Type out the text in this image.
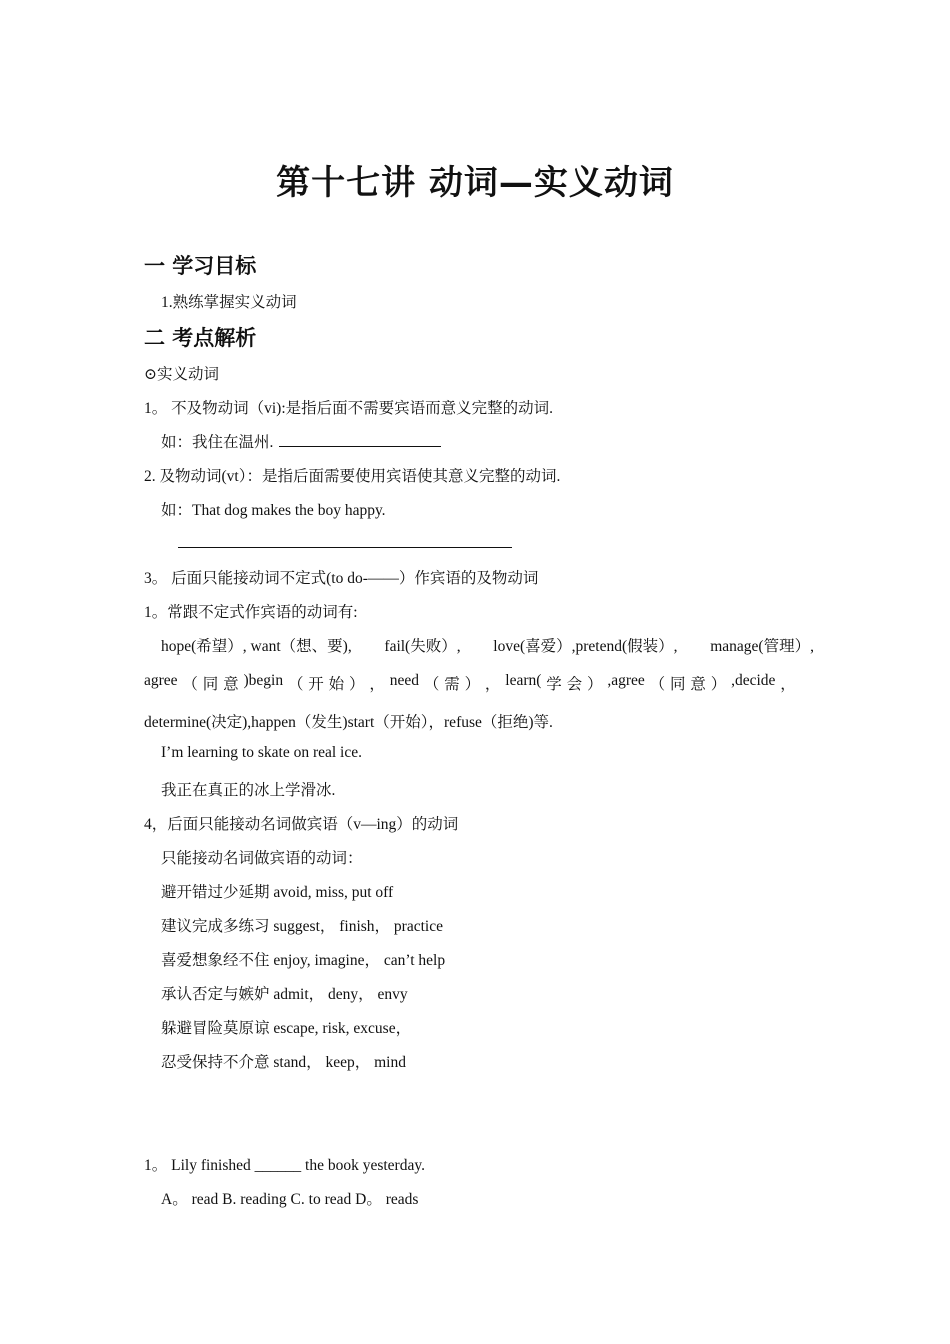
第十七讲 动词—实义动词
一 学习目标

1.熟练掌握实义动词

二 考点解析

⊙实义动词

1。 不及物动词（vi):是指后面不需要宾语而意义完整的动词.

如：我住在温州.

2. 及物动词(vt）：是指后面需要使用宾语使其意义完整的动词.

如：That dog makes the boy happy.

3。 后面只能接动词不定式(to do-——）作宾语的及物动词

1。常跟不定式作宾语的动词有:

hope(希望）, want（想、要), fail(失败）, love(喜爱）,pretend(假装）, manage(管理）,

agree （ 同 意 )begin （ 开 始 ） ， need （ 需 ） ， learn( 学 会 ） ,agree （ 同 意 ） ,decide ，

determine(决定),happen（发生)start（开始），refuse（拒绝)等.

I’m learning to skate on real ice.

我正在真正的冰上学滑冰.

4，后面只能接动名词做宾语（v—ing）的动词

只能接动名词做宾语的动词：

避开错过少延期 avoid, miss, put off

建议完成多练习 suggest， finish， practice

喜爱想象经不住 enjoy, imagine， can’t help

承认否定与嫉妒 admit， deny， envy

躲避冒险莫原谅 escape, risk, excuse，

忍受保持不介意 stand， keep， mind

1。 Lily finished ______ the book yesterday.

A。 read B. reading C. to read D。 reads
